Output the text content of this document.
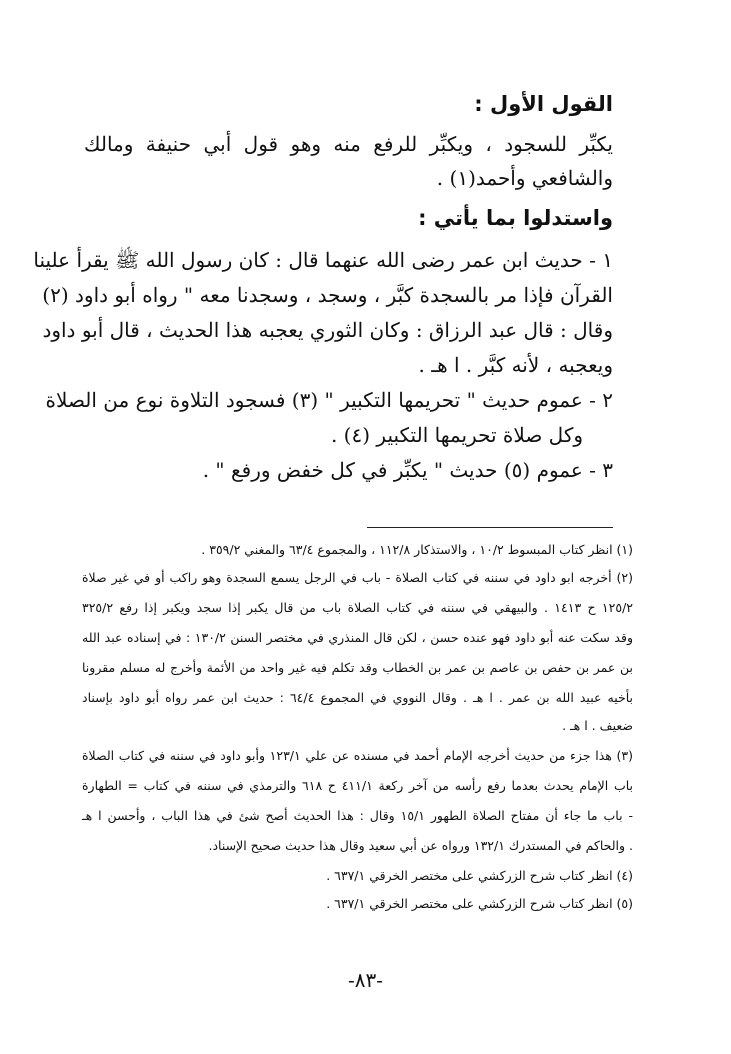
القول الأول :
يكبِّر للسجود ، ويكبِّر للرفع منه وهو قول أبي حنيفة ومالك
والشافعي وأحمد(١) .
واستدلوا بما يأتي :
١ - حديث ابن عمر رضى الله عنهما قال : كان رسول الله ﷺ يقرأ علينا
القرآن فإذا مر بالسجدة كبَّر ، وسجد ، وسجدنا معه " رواه أبو داود (٢)
وقال : قال عبد الرزاق : وكان الثوري يعجبه هذا الحديث ، قال أبو داود
ويعجبه ، لأنه كبَّر . ا هـ .
٢ - عموم حديث " تحريمها التكبير " (٣) فسجود التلاوة نوع من الصلاة
وكل صلاة تحريمها التكبير (٤) .
٣ - عموم (٥) حديث " يكبِّر في كل خفض ورفع " .
(١) انظر كتاب المبسوط ١٠/٢ ، والاستذكار ١١٢/٨ ، والمجموع ٦٣/٤ والمغني ٣٥٩/٢ .
(٢) أخرجه ابو داود في سننه في كتاب الصلاة - باب في الرجل يسمع السجدة وهو راكب أو في غير صلاة
١٢٥/٢ ح ١٤١٣ . والبيهقي في سننه في كتاب الصلاة باب من قال يكبر إذا سجد ويكبر إذا رفع ٣٢٥/٢
وقد سكت عنه أبو داود فهو عنده حسن ، لكن قال المنذري في مختصر السنن ١٣٠/٢ : في إسناده عبد الله
بن عمر بن حفص بن عاصم بن عمر بن الخطاب وقد تكلم فيه غير واحد من الأئمة وأخرج له مسلم مقرونا
بأخيه عبيد الله بن عمر . ا هـ . وقال النووي في المجموع ٦٤/٤ : حديث ابن عمر رواه أبو داود بإسناد
ضعيف . ا هـ .
(٣) هذا جزء من حديث أخرجه الإمام أحمد في مسنده عن علي ١٢٣/١ وأبو داود في سننه في كتاب الصلاة
باب الإمام يحدث بعدما رفع رأسه من آخر ركعة ٤١١/١ ح ٦١٨ والترمذي في سننه في كتاب = الطهارة
- باب ما جاء أن مفتاح الصلاة الطهور ١٥/١ وقال : هذا الحديث أصح شئ في هذا الباب ، وأحسن ا هـ
. والحاكم في المستدرك ١٣٢/١ ورواه عن أبي سعيد وقال هذا حديث صحيح الإسناد.
(٤) انظر كتاب شرح الزركشي على مختصر الخرقي ٦٣٧/١ .
(٥) انظر كتاب شرح الزركشي على مختصر الخرقي ٦٣٧/١ .
-٨٣-
